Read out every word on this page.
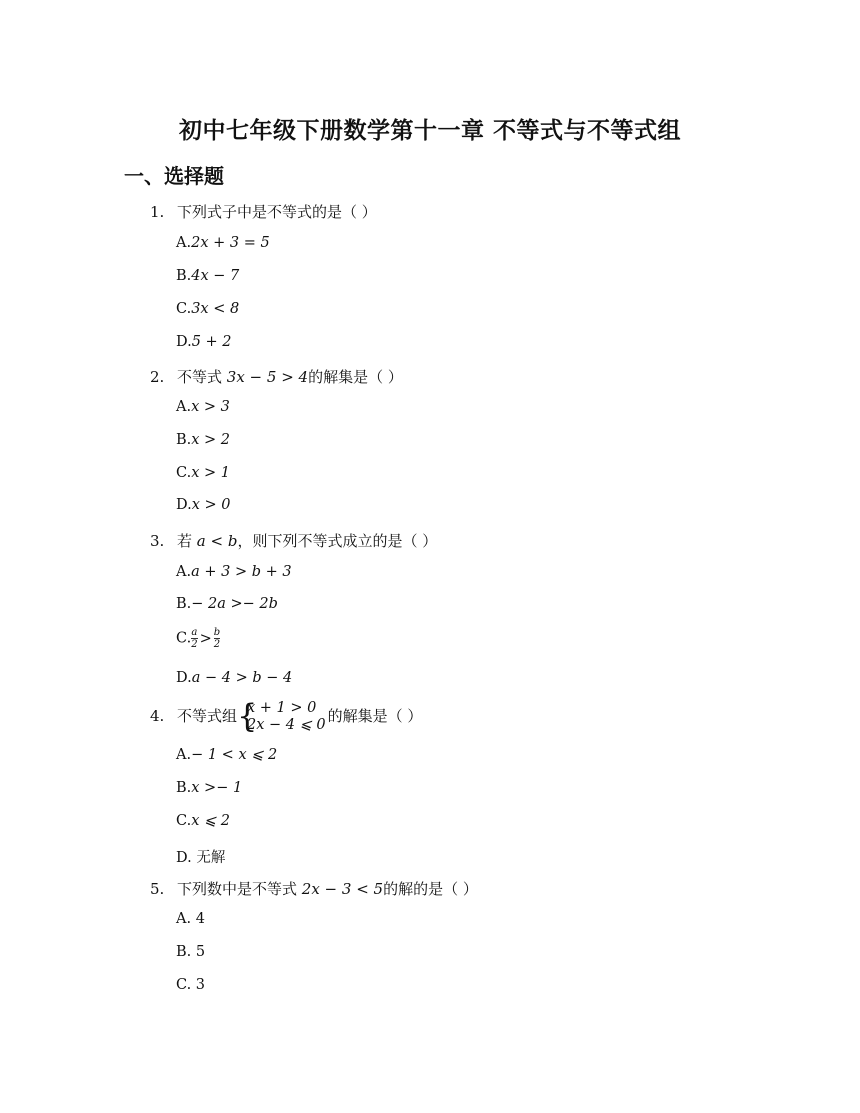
初中七年级下册数学第十一章 不等式与不等式组
一、选择题
1. 下列式子中是不等式的是（ ）
A.2x + 3 = 5
B.4x − 7
C.3x < 8
D.5 + 2
2. 不等式 3x − 5 > 4的解集是（ ）
A.x > 3
B.x > 2
C.x > 1
D.x > 0
3. 若 a < b，则下列不等式成立的是（ ）
A.a + 3 > b + 3
B.− 2a >− 2b
C. $\frac{a}{2} > \frac{b}{2}$
D.a − 4 > b − 4
4. 不等式组 {
x + 1 > 0
2x − 4 ⩽ 0 的解集是（ ）
A.− 1 < x ⩽ 2
B.x >− 1
C.x ⩽ 2
D. 无解
5. 下列数中是不等式 2x − 3 < 5的解的是（ ）
A. 4
B. 5
C. 3
